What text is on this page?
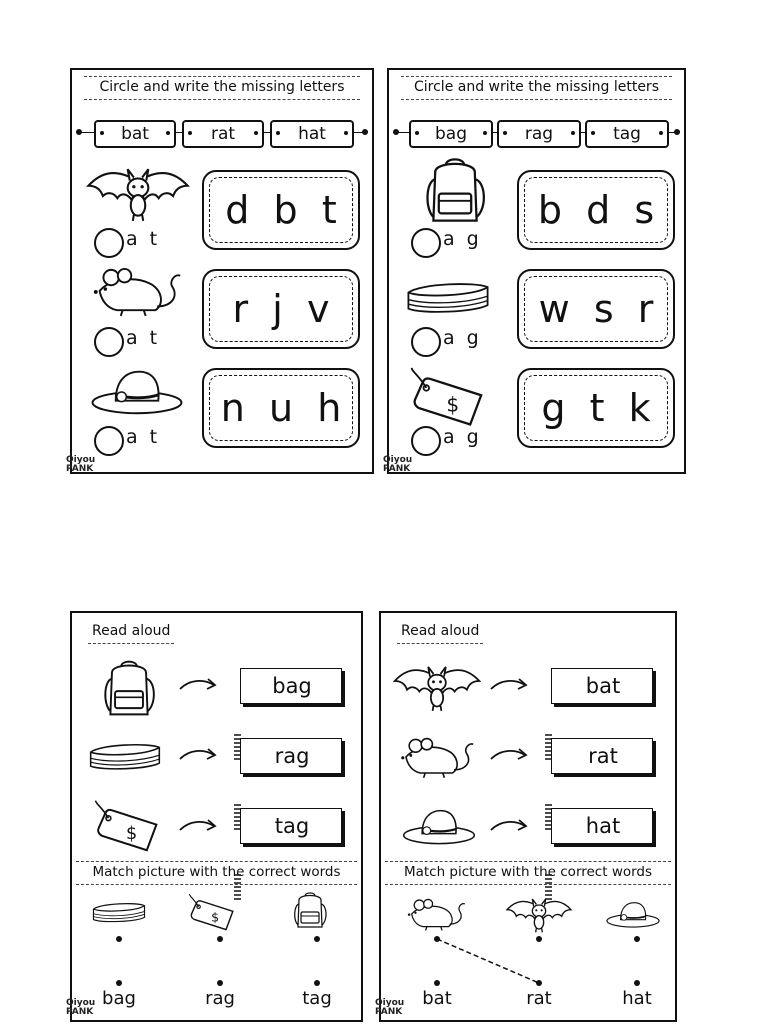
Circle and write the missing letters
bat	rat	hat
d  b  t
a t
r  j  v
a t
n  u  h
a t
Qiyou
PANK
Circle and write the missing letters
bag	rag	tag
b  d  s
a g
w  s  r
a g
g  t  k
a g
Qiyou
PANK
Read aloud
bag
rag
tag
Match picture with the correct words
bag	rag	tag
Qiyou
PANK
Read aloud
bat
rat
hat
Match picture with the correct words
bat	rat	hat
Qiyou
PANK
